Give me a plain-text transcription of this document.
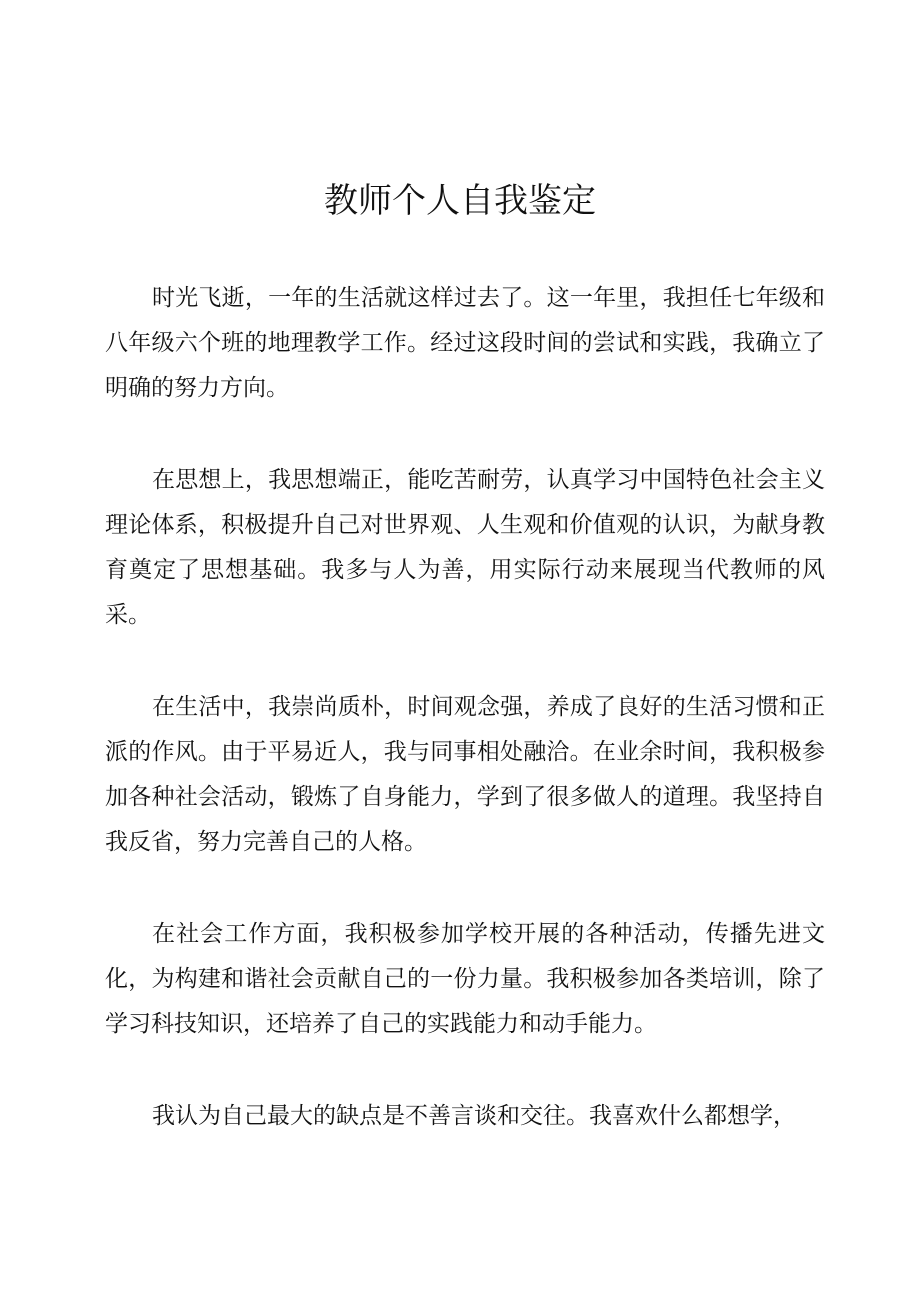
教师个人自我鉴定

时光飞逝，一年的生活就这样过去了。这一年里，我担任七年级和八年级六个班的地理教学工作。经过这段时间的尝试和实践，我确立了明确的努力方向。

在思想上，我思想端正，能吃苦耐劳，认真学习中国特色社会主义理论体系，积极提升自己对世界观、人生观和价值观的认识，为献身教育奠定了思想基础。我多与人为善，用实际行动来展现当代教师的风采。

在生活中，我崇尚质朴，时间观念强，养成了良好的生活习惯和正派的作风。由于平易近人，我与同事相处融洽。在业余时间，我积极参加各种社会活动，锻炼了自身能力，学到了很多做人的道理。我坚持自我反省，努力完善自己的人格。

在社会工作方面，我积极参加学校开展的各种活动，传播先进文化，为构建和谐社会贡献自己的一份力量。我积极参加各类培训，除了学习科技知识，还培养了自己的实践能力和动手能力。

我认为自己最大的缺点是不善言谈和交往。我喜欢什么都想学，
